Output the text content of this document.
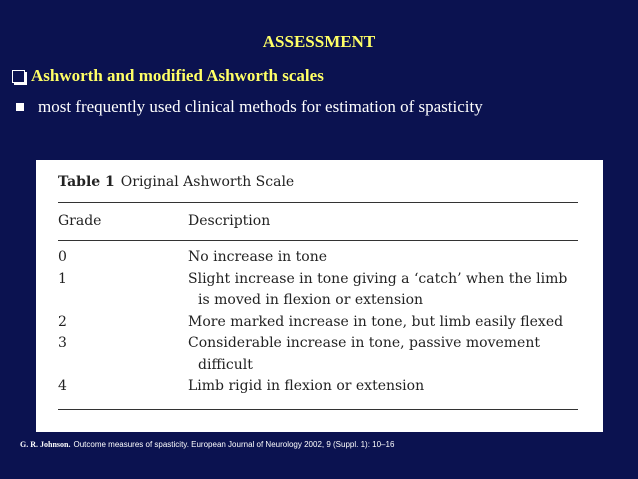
ASSESSMENT
Ashworth and modified Ashworth scales
most frequently used clinical methods for estimation of spasticity
Table 1 Original Ashworth Scale
Grade	Description
0	No increase in tone
1	Slight increase in tone giving a ‘catch’ when the limb
is moved in flexion or extension
2	More marked increase in tone, but limb easily flexed
3	Considerable increase in tone, passive movement
difficult
4	Limb rigid in flexion or extension
G. R. Johnson. Outcome measures of spasticity. European Journal of Neurology 2002, 9 (Suppl. 1): 10–16
